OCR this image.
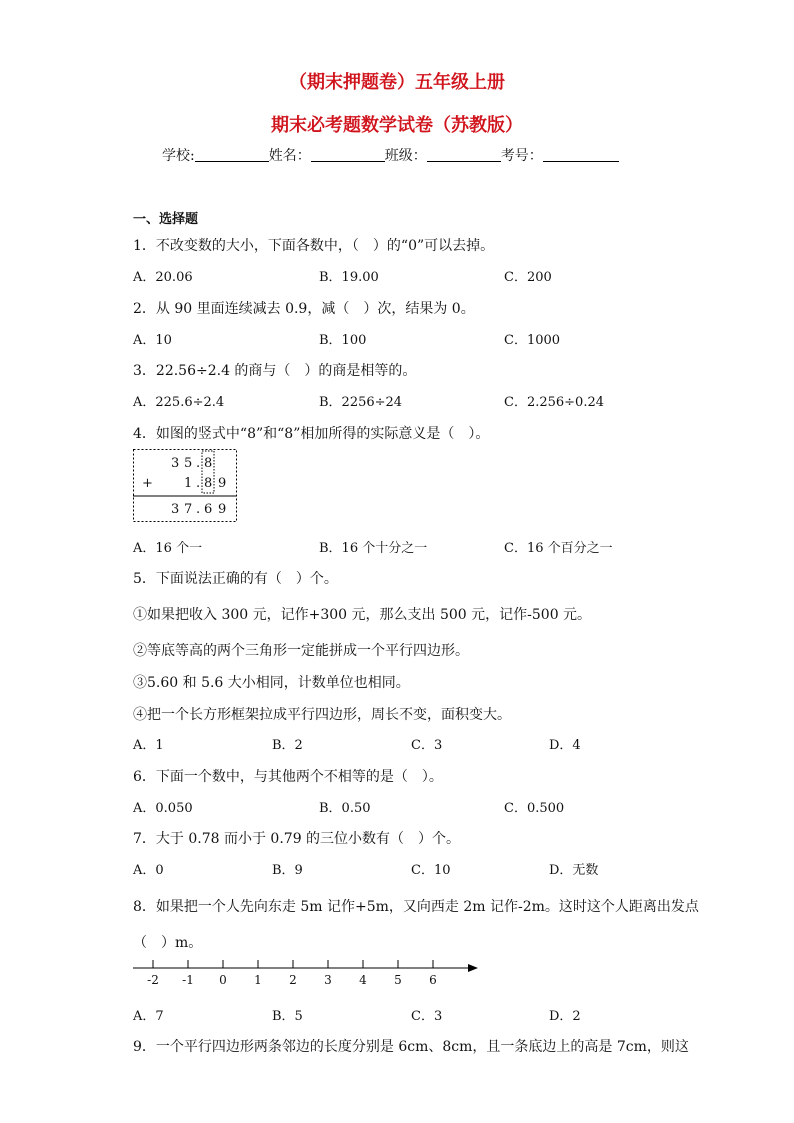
（期末押题卷）五年级上册
期末必考题数学试卷（苏教版）
学校:	姓名：	班级：	考号：
一、选择题
1．不改变数的大小，下面各数中，（　）的“0”可以去掉。
A．20.06	B．19.00	C．200
2．从 90 里面连续减去 0.9，减（　）次，结果为 0。
A．10	B．100	C．1000
3．22.56÷2.4 的商与（　）的商是相等的。
A．225.6÷2.4	B．2256÷24	C．2.256÷0.24
4．如图的竖式中“8”和“8”相加所得的实际意义是（　）。
3 5 . 8
+ 1 . 8 9
3 7 . 6 9
A．16 个一	B．16 个十分之一	C．16 个百分之一
5．下面说法正确的有（　）个。
①如果把收入 300 元，记作+300 元，那么支出 500 元，记作-500 元。
②等底等高的两个三角形一定能拼成一个平行四边形。
③5.60 和 5.6 大小相同，计数单位也相同。
④把一个长方形框架拉成平行四边形，周长不变，面积变大。
A．1	B．2	C．3	D．4
6．下面一个数中，与其他两个不相等的是（　）。
A．0.050	B．0.50	C．0.500
7．大于 0.78 而小于 0.79 的三位小数有（　）个。
A．0	B．9	C．10	D．无数
8．如果把一个人先向东走 5m 记作+5m，又向西走 2m 记作-2m。这时这个人距离出发点
（　）m。
-2 -1 0 1 2 3 4 5 6
A．7	B．5	C．3	D．2
9．一个平行四边形两条邻边的长度分别是 6cm、8cm，且一条底边上的高是 7cm，则这
